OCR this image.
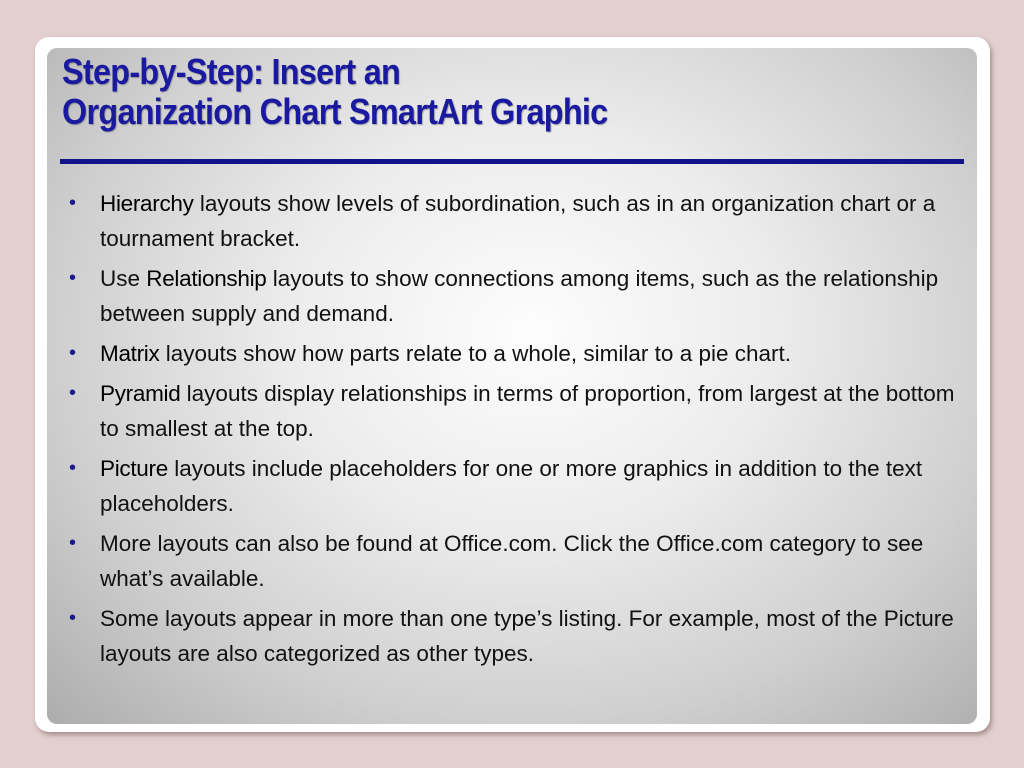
Step-by-Step: Insert an
Organization Chart SmartArt Graphic
• Hierarchy layouts show levels of subordination, such as in an organization chart or a tournament bracket.
• Use Relationship layouts to show connections among items, such as the relationship between supply and demand.
• Matrix layouts show how parts relate to a whole, similar to a pie chart.
• Pyramid layouts display relationships in terms of proportion, from largest at the bottom to smallest at the top.
• Picture layouts include placeholders for one or more graphics in addition to the text placeholders.
• More layouts can also be found at Office.com. Click the Office.com category to see what’s available.
• Some layouts appear in more than one type’s listing. For example, most of the Picture layouts are also categorized as other types.
